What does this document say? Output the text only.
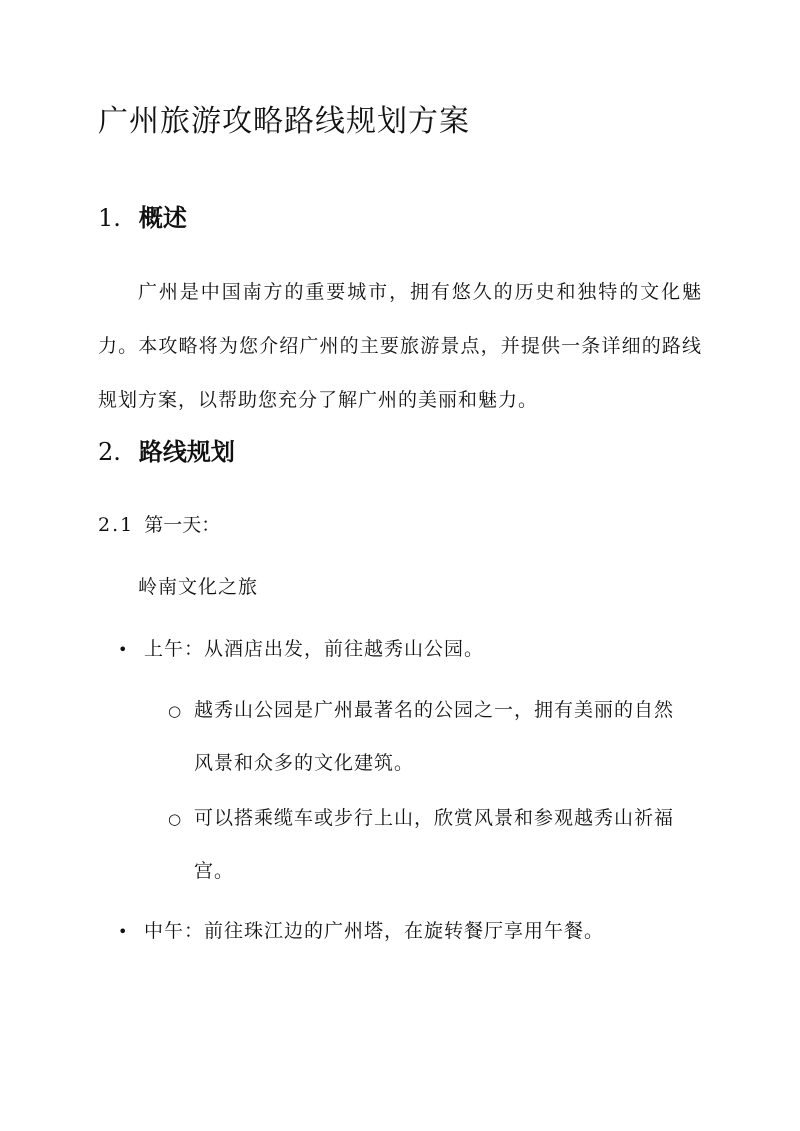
广州旅游攻略路线规划方案
1. 概述

广州是中国南方的重要城市，拥有悠久的历史和独特的文化魅力。本攻略将为您介绍广州的主要旅游景点，并提供一条详细的路线规划方案，以帮助您充分了解广州的美丽和魅力。

2. 路线规划
2.1 第一天：

岭南文化之旅

• 上午：从酒店出发，前往越秀山公园。
○ 越秀山公园是广州最著名的公园之一，拥有美丽的自然
风景和众多的文化建筑。
○ 可以搭乘缆车或步行上山，欣赏风景和参观越秀山祈福
宫。
• 中午：前往珠江边的广州塔，在旋转餐厅享用午餐。
